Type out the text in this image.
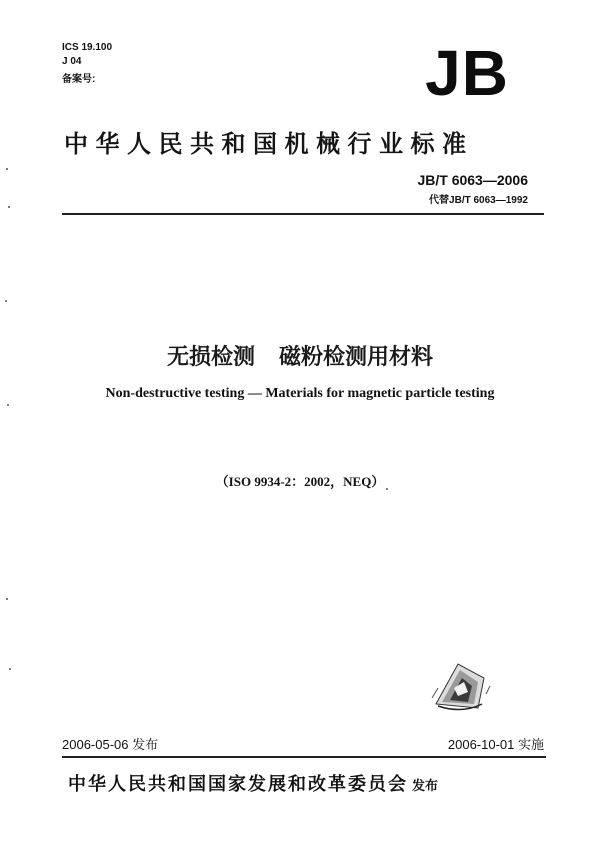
ICS 19.100
J 04
备案号:	JB
中华人民共和国机械行业标准
JB/T 6063—2006
代替JB/T 6063—1992
无损检测 磁粉检测用材料
Non-destructive testing — Materials for magnetic particle testing
（ISO 9934-2：2002，NEQ）
2006-05-06 发布	2006-10-01 实施
中华人民共和国国家发展和改革委员会 发布
